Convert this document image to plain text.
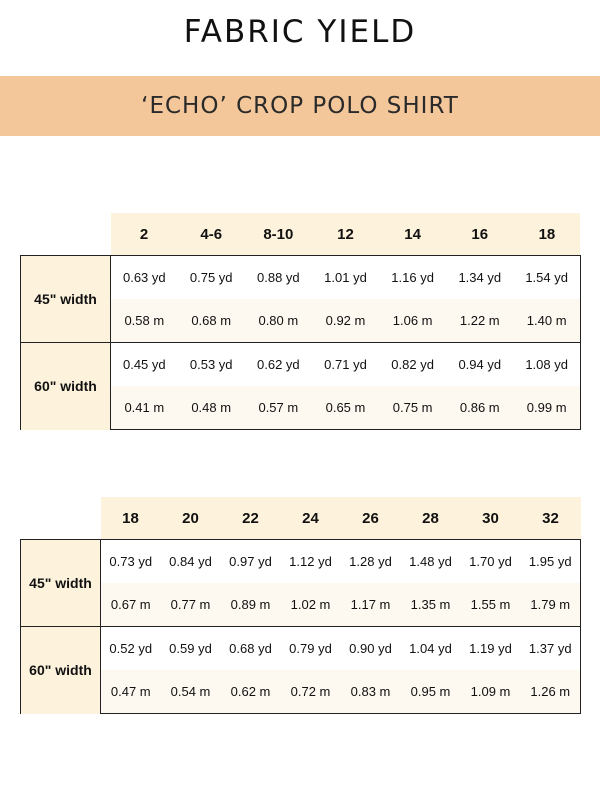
FABRIC YIELD
‘ECHO’ CROP POLO SHIRT
	2	4-6	8-10	12	14	16	18
45" width	0.63 yd	0.75 yd	0.88 yd	1.01 yd	1.16 yd	1.34 yd	1.54 yd
	0.58 m	0.68 m	0.80 m	0.92 m	1.06 m	1.22 m	1.40 m
60" width	0.45 yd	0.53 yd	0.62 yd	0.71 yd	0.82 yd	0.94 yd	1.08 yd
	0.41 m	0.48 m	0.57 m	0.65 m	0.75 m	0.86 m	0.99 m
	18	20	22	24	26	28	30	32
45" width	0.73 yd	0.84 yd	0.97 yd	1.12 yd	1.28 yd	1.48 yd	1.70 yd	1.95 yd
	0.67 m	0.77 m	0.89 m	1.02 m	1.17 m	1.35 m	1.55 m	1.79 m
60" width	0.52 yd	0.59 yd	0.68 yd	0.79 yd	0.90 yd	1.04 yd	1.19 yd	1.37 yd
	0.47 m	0.54 m	0.62 m	0.72 m	0.83 m	0.95 m	1.09 m	1.26 m
